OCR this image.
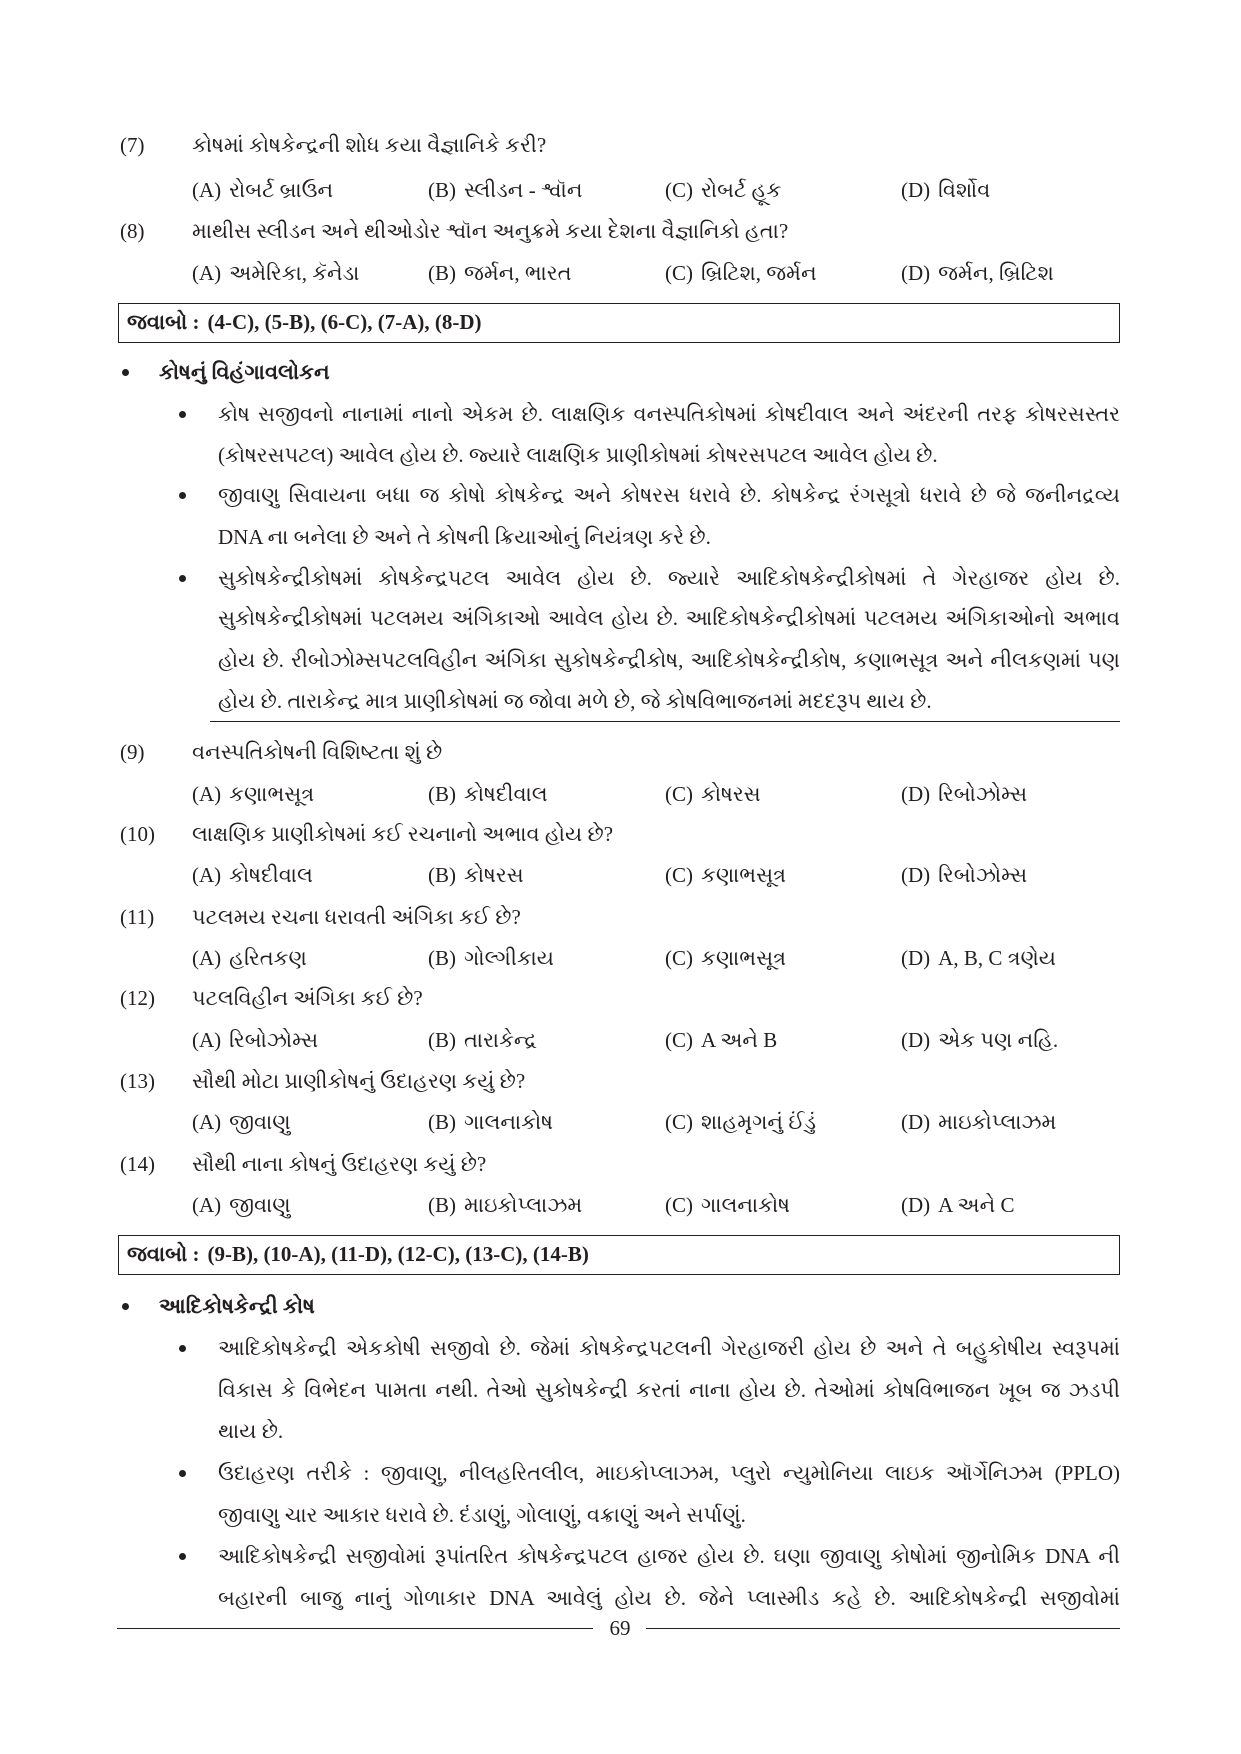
(7)	કોષમાં કોષકેન્દ્રની શોધ કયા વૈજ્ઞાનિકે કરી?
(A) રોબર્ટ બ્રાઉન	(B) સ્લીડન - શ્વૉન	(C) રોબર્ટ હૂક	(D) વિર્શોવ
(8)	માથીસ સ્લીડન અને થીઓડોર શ્વૉન અનુક્રમે કયા દેશના વૈજ્ઞાનિકો હતા?
(A) અમેરિકા, કૅનેડા	(B) જર્મન, ભારત	(C) બ્રિટિશ, જર્મન	(D) જર્મન, બ્રિટિશ
જવાબો : (4-C), (5-B), (6-C), (7-A), (8-D)
કોષનું વિહંગાવલોકન
કોષ સજીવનો નાનામાં નાનો એકમ છે. લાક્ષણિક વનસ્પતિકોષમાં કોષદીવાલ અને અંદરની તરફ કોષરસસ્તર
(કોષરસપટલ) આવેલ હોય છે. જ્યારે લાક્ષણિક પ્રાણીકોષમાં કોષરસપટલ આવેલ હોય છે.
જીવાણુ સિવાયના બધા જ કોષો કોષકેન્દ્ર અને કોષરસ ધરાવે છે. કોષકેન્દ્ર રંગસૂત્રો ધરાવે છે જે જનીનદ્રવ્ય
DNA ના બનેલા છે અને તે કોષની ક્રિયાઓનું નિયંત્રણ કરે છે.
સુકોષકેન્દ્રીકોષમાં કોષકેન્દ્રપટલ આવેલ હોય છે. જ્યારે આદિકોષકેન્દ્રીકોષમાં તે ગેરહાજર હોય છે.
સુકોષકેન્દ્રીકોષમાં પટલમય અંગિકાઓ આવેલ હોય છે. આદિકોષકેન્દ્રીકોષમાં પટલમય અંગિકાઓનો અભાવ
હોય છે. રીબોઝોમ્સપટલવિહીન અંગિકા સુકોષકેન્દ્રીકોષ, આદિકોષકેન્દ્રીકોષ, કણાભસૂત્ર અને નીલકણમાં પણ
હોય છે. તારાકેન્દ્ર માત્ર પ્રાણીકોષમાં જ જોવા મળે છે, જે કોષવિભાજનમાં મદદરૂપ થાય છે.
(9)	વનસ્પતિકોષની વિશિષ્ટતા શું છે
(A) કણાભસૂત્ર	(B) કોષદીવાલ	(C) કોષરસ	(D) રિબોઝોમ્સ
(10)	લાક્ષણિક પ્રાણીકોષમાં કઈ રચનાનો અભાવ હોય છે?
(A) કોષદીવાલ	(B) કોષરસ	(C) કણાભસૂત્ર	(D) રિબોઝોમ્સ
(11)	પટલમય રચના ધરાવતી અંગિકા કઈ છે?
(A) હરિતકણ	(B) ગોલ્ગીકાય	(C) કણાભસૂત્ર	(D) A, B, C ત્રણેય
(12)	પટલવિહીન અંગિકા કઈ છે?
(A) રિબોઝોમ્સ	(B) તારાકેન્દ્ર	(C) A અને B	(D) એક પણ નહિ.
(13)	સૌથી મોટા પ્રાણીકોષનું ઉદાહરણ કયું છે?
(A) જીવાણુ	(B) ગાલનાકોષ	(C) શાહમૃગનું ઈંડું	(D) માઇકોપ્લાઝમ
(14)	સૌથી નાના કોષનું ઉદાહરણ કયું છે?
(A) જીવાણુ	(B) માઇકોપ્લાઝમ	(C) ગાલનાકોષ	(D) A અને C
જવાબો : (9-B), (10-A), (11-D), (12-C), (13-C), (14-B)
આદિકોષકેન્દ્રી કોષ
આદિકોષકેન્દ્રી એકકોષી સજીવો છે. જેમાં કોષકેન્દ્રપટલની ગેરહાજરી હોય છે અને તે બહુકોષીય સ્વરૂપમાં
વિકાસ કે વિભેદન પામતા નથી. તેઓ સુકોષકેન્દ્રી કરતાં નાના હોય છે. તેઓમાં કોષવિભાજન ખૂબ જ ઝડપી
થાય છે.
ઉદાહરણ તરીકે : જીવાણુ, નીલહરિતલીલ, માઇકોપ્લાઝમ, પ્લુરો ન્યુમોનિયા લાઇક ઑર્ગેનિઝમ (PPLO)
જીવાણુ ચાર આકાર ધરાવે છે. દંડાણું, ગોલાણું, વક્રાણું અને સર્પાણું.
આદિકોષકેન્દ્રી સજીવોમાં રૂપાંતરિત કોષકેન્દ્રપટલ હાજર હોય છે. ઘણા જીવાણુ કોષોમાં જીનોમિક DNA ની
બહારની બાજુ નાનું ગોળાકાર DNA આવેલું હોય છે. જેને પ્લાસ્મીડ કહે છે. આદિકોષકેન્દ્રી સજીવોમાં
69
